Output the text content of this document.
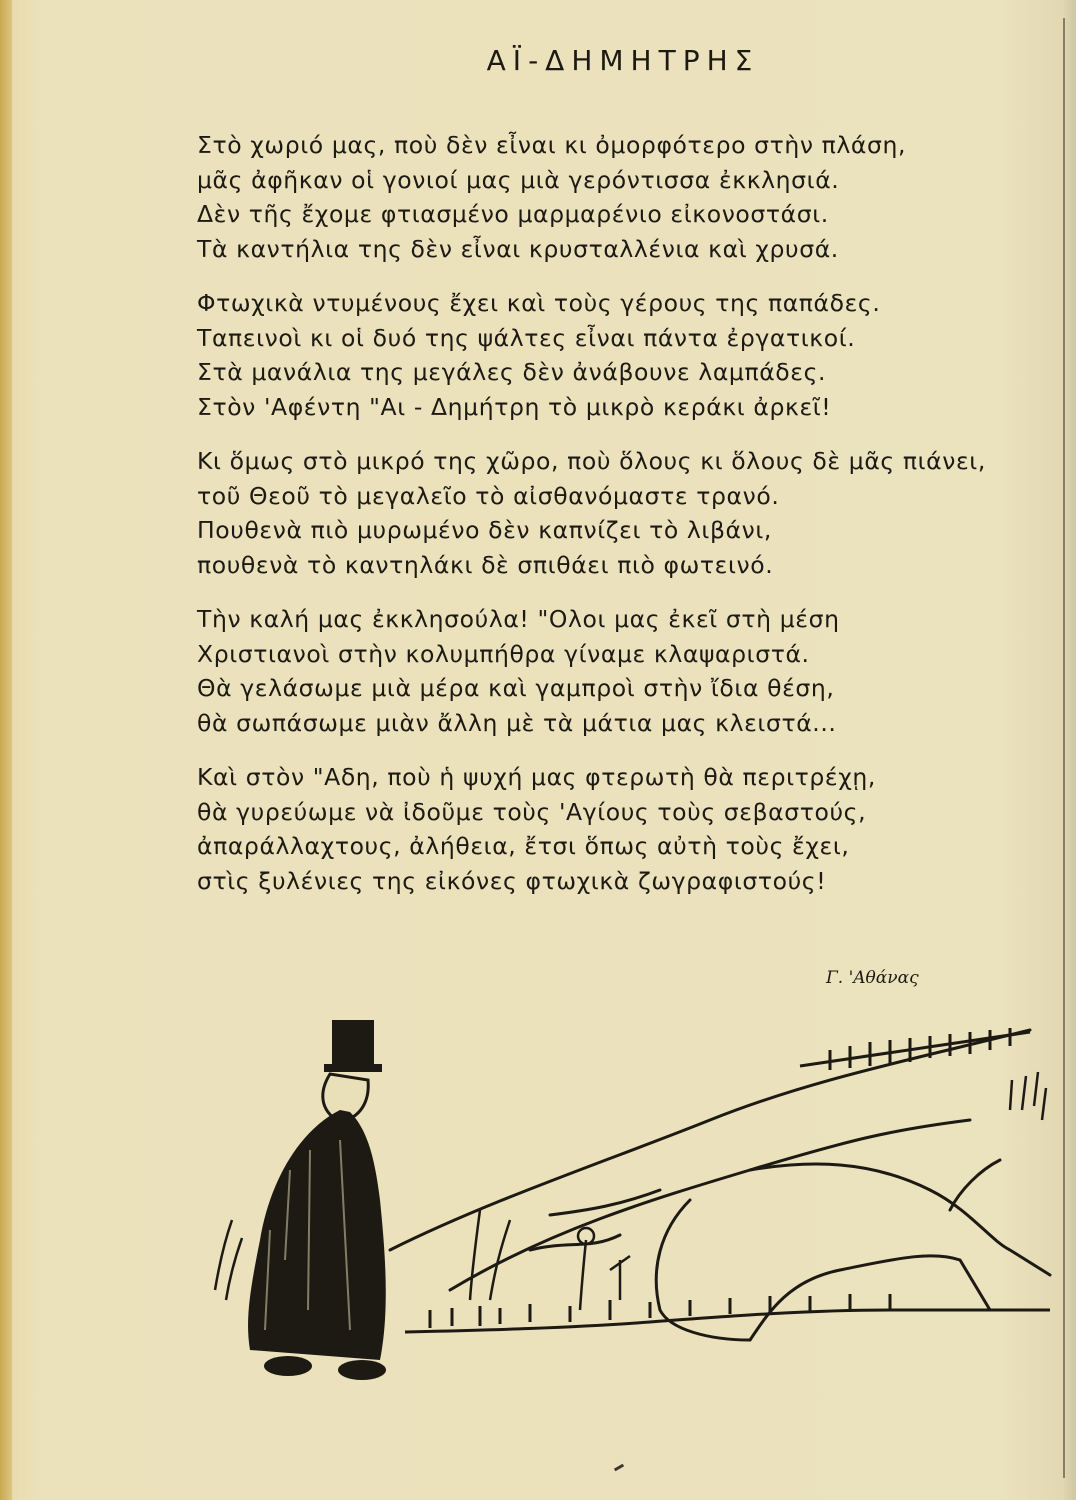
ΑΪ-ΔΗΜΗΤΡΗΣ
Στὸ χωριό μας, ποὺ δὲν εἶναι κι ὀμορφότερο στὴν πλάση,
μᾶς ἀφῆκαν οἱ γονιοί μας μιὰ γερόντισσα ἐκκλησιά.
Δὲν τῆς ἔχομε φτιασμένο μαρμαρένιο εἰκονοστάσι.
Τὰ καντήλια της δὲν εἶναι κρυσταλλένια καὶ χρυσά.
Φτωχικὰ ντυμένους ἔχει καὶ τοὺς γέρους της παπάδες.
Ταπεινοὶ κι οἱ δυό της ψάλτες εἶναι πάντα ἐργατικοί.
Στὰ μανάλια της μεγάλες δὲν ἀνάβουνε λαμπάδες.
Στὸν 'Αφέντη "Αι - Δημήτρη τὸ μικρὸ κεράκι ἀρκεῖ!
Κι ὅμως στὸ μικρό της χῶρο, ποὺ ὅλους κι ὅλους δὲ μᾶς πιάνει,
τοῦ Θεοῦ τὸ μεγαλεῖο τὸ αἰσθανόμαστε τρανό.
Πουθενὰ πιὸ μυρωμένο δὲν καπνίζει τὸ λιβάνι,
πουθενὰ τὸ καντηλάκι δὲ σπιθάει πιὸ φωτεινό.
Τὴν καλή μας ἐκκλησούλα! "Ολοι μας ἐκεῖ στὴ μέση
Χριστιανοὶ στὴν κολυμπήθρα γίναμε κλαψαριστά.
Θὰ γελάσωμε μιὰ μέρα καὶ γαμπροὶ στὴν ἴδια θέση,
θὰ σωπάσωμε μιὰν ἄλλη μὲ τὰ μάτια μας κλειστά...
Καὶ στὸν "Αδη, ποὺ ἡ ψυχή μας φτερωτὴ θὰ περιτρέχῃ,
θὰ γυρεύωμε νὰ ἰδοῦμε τοὺς 'Αγίους τοὺς σεβαστούς,
ἀπαράλλαχτους, ἀλήθεια, ἔτσι ὅπως αὐτὴ τοὺς ἔχει,
στὶς ξυλένιες της εἰκόνες φτωχικὰ ζωγραφιστούς!
Γ. 'Αθάνας
